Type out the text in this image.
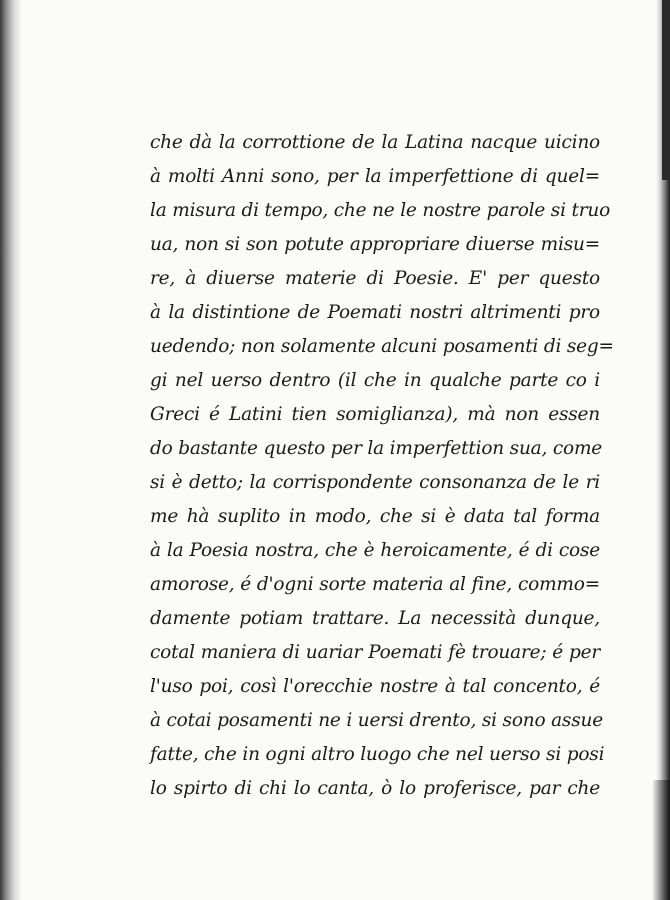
che dà la corrottione de la Latina nacque uicino
à molti Anni sono, per la imperfettione di quel=
la misura di tempo, che ne le nostre parole si truo
ua, non si son potute appropriare diuerse misu=
re, à diuerse materie di Poesie. E' per questo
à la distintione de Poemati nostri altrimenti pro
uedendo; non solamente alcuni posamenti di seg=
gi nel uerso dentro (il che in qualche parte co i
Greci é Latini tien somiglianza), mà non essen
do bastante questo per la imperfettion sua, come
si è detto; la corrispondente consonanza de le ri
me hà suplito in modo, che si è data tal forma
à la Poesia nostra, che è heroicamente, é di cose
amorose, é d'ogni sorte materia al fine, commo=
damente potiam trattare. La necessità dunque,
cotal maniera di uariar Poemati fè trouare; é per
l'uso poi, così l'orecchie nostre à tal concento, é
à cotai posamenti ne i uersi drento, si sono assue
fatte, che in ogni altro luogo che nel uerso si posi
lo spirto di chi lo canta, ò lo proferisce, par che
